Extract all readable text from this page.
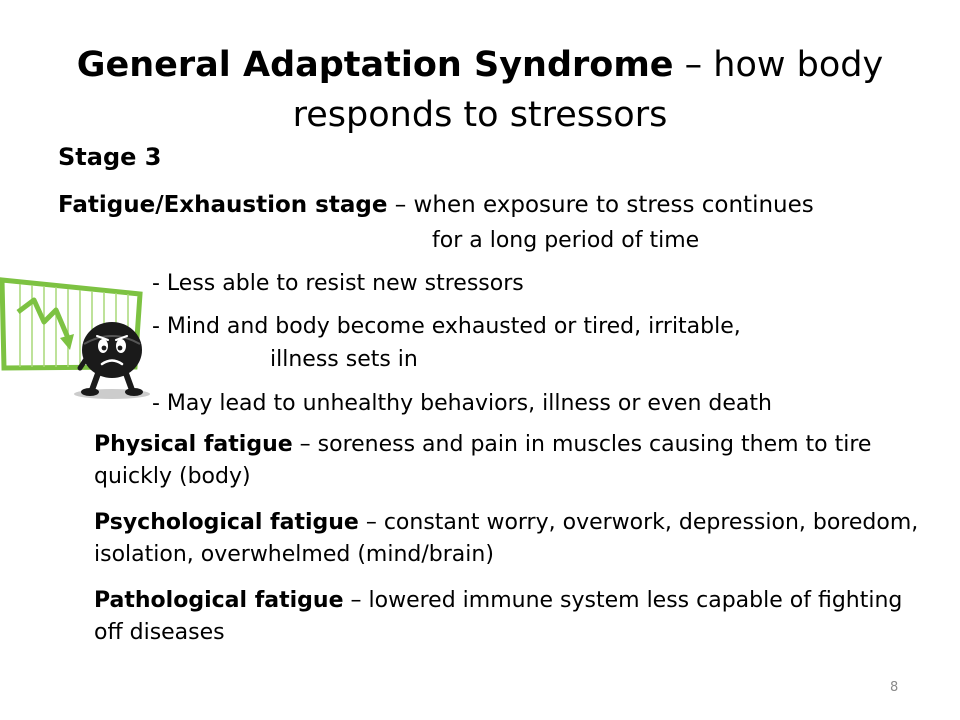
General Adaptation Syndrome – how body responds to stressors

Stage 3

Fatigue/Exhaustion stage – when exposure to stress continues

for a long period of time

- Less able to resist new stressors

- Mind and body become exhausted or tired, irritable,

illness sets in

- May lead to unhealthy behaviors, illness or even death

Physical fatigue – soreness and pain in muscles causing them to tire quickly (body)

Psychological fatigue – constant worry, overwork, depression, boredom, isolation, overwhelmed (mind/brain)

Pathological fatigue – lowered immune system less capable of fighting off diseases

8
